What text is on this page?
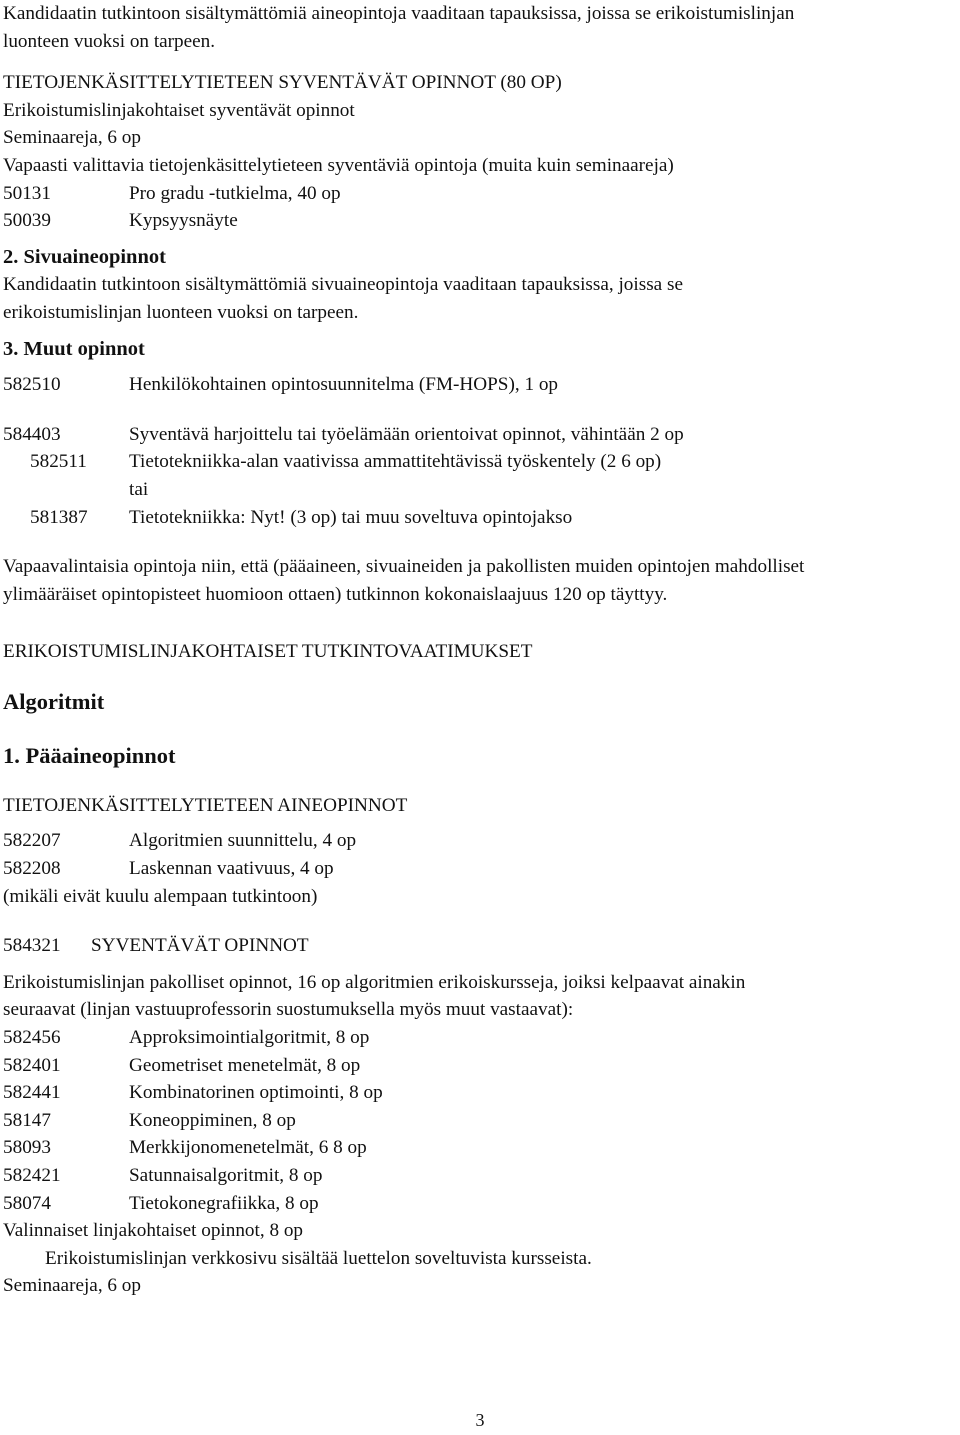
Kandidaatin tutkintoon sisältymättömiä aineopintoja vaaditaan tapauksissa, joissa se erikoistumislinjan
luonteen vuoksi on tarpeen.
TIETOJENKÄSITTELYTIETEEN SYVENTÄVÄT OPINNOT (80 OP)
Erikoistumislinjakohtaiset syventävät opinnot
Seminaareja, 6 op
Vapaasti valittavia tietojenkäsittelytieteen syventäviä opintoja (muita kuin seminaareja)
50131	Pro gradu -tutkielma, 40 op
50039	Kypsyysnäyte
2. Sivuaineopinnot
Kandidaatin tutkintoon sisältymättömiä sivuaineopintoja vaaditaan tapauksissa, joissa se
erikoistumislinjan luonteen vuoksi on tarpeen.
3. Muut opinnot
582510	Henkilökohtainen opintosuunnitelma (FM-HOPS), 1 op
584403	Syventävä harjoittelu tai työelämään orientoivat opinnot, vähintään 2 op
582511	Tietotekniikka-alan vaativissa ammattitehtävissä työskentely (2 6 op)
tai
581387	Tietotekniikka: Nyt! (3 op) tai muu soveltuva opintojakso
Vapaavalintaisia opintoja niin, että (pääaineen, sivuaineiden ja pakollisten muiden opintojen mahdolliset
ylimääräiset opintopisteet huomioon ottaen) tutkinnon kokonaislaajuus 120 op täyttyy.
ERIKOISTUMISLINJAKOHTAISET TUTKINTOVAATIMUKSET
Algoritmit
1. Pääaineopinnot
TIETOJENKÄSITTELYTIETEEN AINEOPINNOT
582207	Algoritmien suunnittelu, 4 op
582208	Laskennan vaativuus, 4 op
(mikäli eivät kuulu alempaan tutkintoon)
584321	SYVENTÄVÄT OPINNOT
Erikoistumislinjan pakolliset opinnot, 16 op algoritmien erikoiskursseja, joiksi kelpaavat ainakin
seuraavat (linjan vastuuprofessorin suostumuksella myös muut vastaavat):
582456	Approksimointialgoritmit, 8 op
582401	Geometriset menetelmät, 8 op
582441	Kombinatorinen optimointi, 8 op
58147	Koneoppiminen, 8 op
58093	Merkkijonomenetelmät, 6 8 op
582421	Satunnaisalgoritmit, 8 op
58074	Tietokonegrafiikka, 8 op
Valinnaiset linjakohtaiset opinnot, 8 op
Erikoistumislinjan verkkosivu sisältää luettelon soveltuvista kursseista.
Seminaareja, 6 op
3
